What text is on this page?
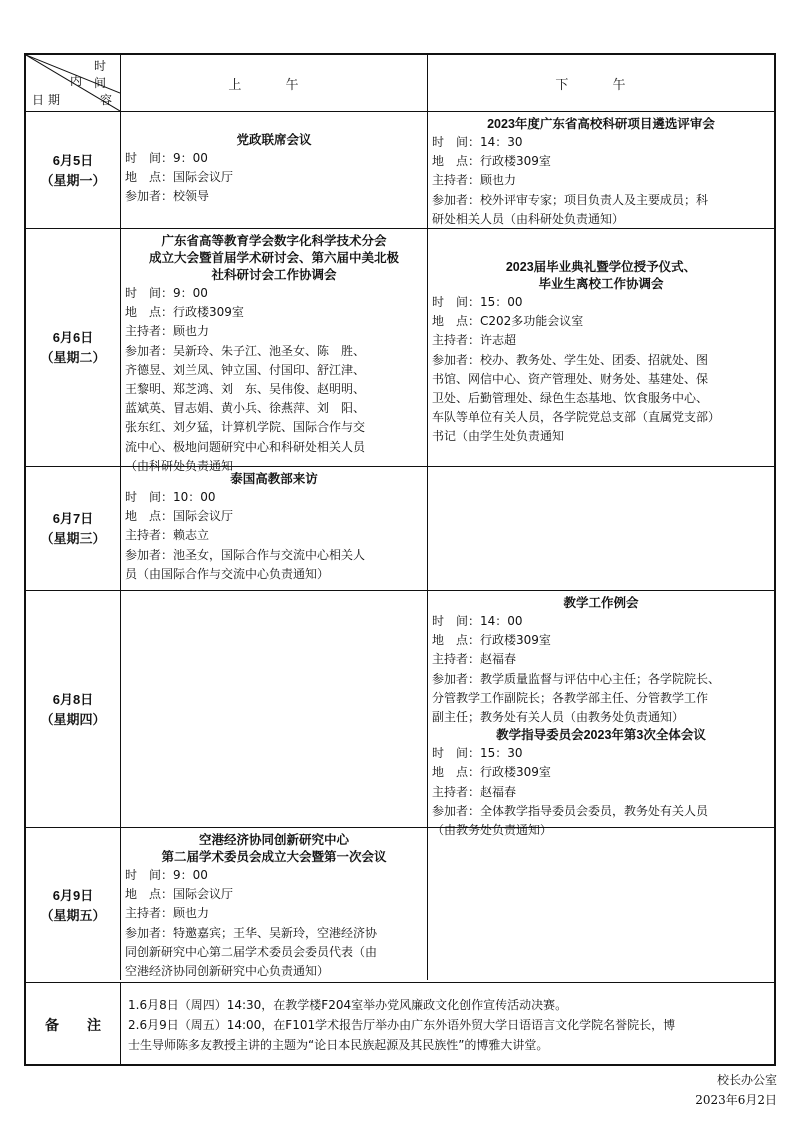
时间
内
容
日期
上 午	下 午
6月5日
（星期一）
党政联席会议
时　间：9：00
地　点：国际会议厅
参加者：校领导
2023年度广东省高校科研项目遴选评审会
时　间：14：30
地　点：行政楼309室
主持者：顾也力
参加者：校外评审专家；项目负责人及主要成员；科
研处相关人员（由科研处负责通知）
6月6日
（星期二）
广东省高等教育学会数字化科学技术分会
成立大会暨首届学术研讨会、第六届中美北极
社科研讨会工作协调会
时　间：9：00
地　点：行政楼309室
主持者：顾也力
参加者：吴新玲、朱子江、池圣女、陈　胜、
齐德昱、刘兰凤、钟立国、付国印、舒江津、
王黎明、郑芝鸿、刘　东、吴伟俊、赵明明、
蓝斌英、冒志娟、黄小兵、徐燕萍、刘　阳、
张东红、刘夕猛，计算机学院、国际合作与交
流中心、极地问题研究中心和科研处相关人员
（由科研处负责通知
2023届毕业典礼暨学位授予仪式、
毕业生离校工作协调会
时　间：15：00
地　点：C202多功能会议室
主持者：许志超
参加者：校办、教务处、学生处、团委、招就处、图
书馆、网信中心、资产管理处、财务处、基建处、保
卫处、后勤管理处、绿色生态基地、饮食服务中心、
车队等单位有关人员，各学院党总支部（直属党支部）
书记（由学生处负责通知
6月7日
（星期三）
泰国高教部来访
时　间：10：00
地　点：国际会议厅
主持者：赖志立
参加者：池圣女，国际合作与交流中心相关人
员（由国际合作与交流中心负责通知）
6月8日
（星期四）
教学工作例会
时　间：14：00
地　点：行政楼309室
主持者：赵福春
参加者：教学质量监督与评估中心主任；各学院院长、
分管教学工作副院长；各教学部主任、分管教学工作
副主任；教务处有关人员（由教务处负责通知）
教学指导委员会2023年第3次全体会议
时　间：15：30
地　点：行政楼309室
主持者：赵福春
参加者：全体教学指导委员会委员，教务处有关人员
（由教务处负责通知）
6月9日
（星期五）
空港经济协同创新研究中心
第二届学术委员会成立大会暨第一次会议
时　间：9：00
地　点：国际会议厅
主持者：顾也力
参加者：特邀嘉宾；王华、吴新玲，空港经济协
同创新研究中心第二届学术委员会委员代表（由
空港经济协同创新研究中心负责通知）
备　　注
1.6月8日（周四）14:30，在教学楼F204室举办党风廉政文化创作宣传活动决赛。
2.6月9日（周五）14:00，在F101学术报告厅举办由广东外语外贸大学日语语言文化学院名誉院长，博
士生导师陈多友教授主讲的主题为“论日本民族起源及其民族性”的博雅大讲堂。
校长办公室
2023年6月2日
